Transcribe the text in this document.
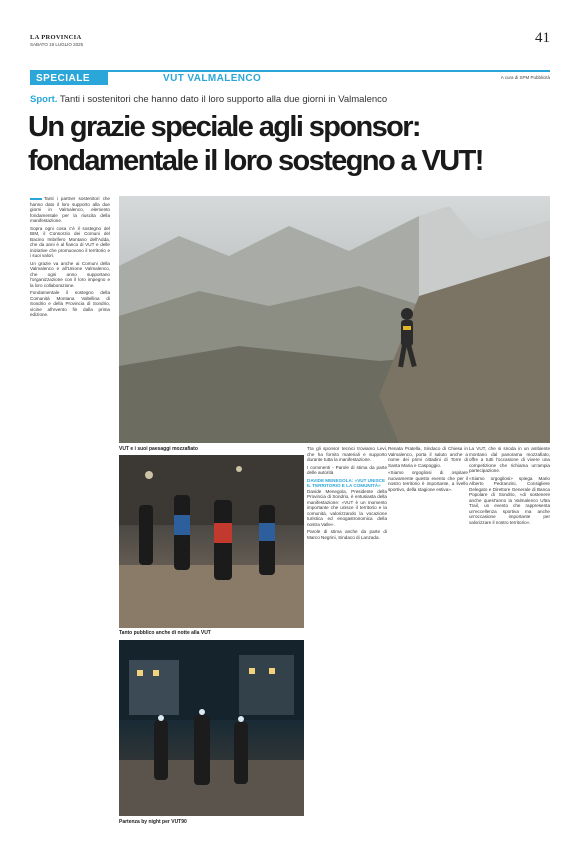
LA PROVINCIA
SABATO 19 LUGLIO 2025	41
SPECIALE	VUT VALMALENCO	A cura di SPM Pubblicità
Sport. Tanti i sostenitori che hanno dato il loro supporto alla due giorni in Valmalenco
Un grazie speciale agli sponsor:
fondamentale il loro sostegno a VUT!

Tanti i partner sostenitori che hanno dato il loro supporto alla due giorni in Valmalenco, elemento fondamentale per la riuscita della manifestazione.

Sopra ogni cosa c'è il sostegno del BIM, il Consorzio dei Comuni del Bacino Imbrifero Montano dell'Adda, che da anni è al fianco di VUT e delle iniziative che promuovono il territorio e i suoi valori.

Un grazie va anche ai Comuni della Valmalenco e all'Unione Valmalenco, che ogni anno supportano l'organizzazione con il loro impegno e la loro collaborazione.

Fondamentale il sostegno della Comunità Montana Valtellina di Sondrio e della Provincia di Sondrio, vicine all'evento fin dalla prima edizione.

VUT e i suoi paesaggi mozzafiato
Tanto pubblico anche di notte alla VUT
Partenza by night per VUT90

Tra gli sponsor tecnici troviamo Levi, che ha fornito materiali e supporto durante tutta la manifestazione.

I commenti - Parole di stima da parte delle autorità

DAVIDE MENEGOLA: «VUT UNISCE IL TERRITORIO E LA COMUNITÀ»

Davide Menegola, Presidente della Provincia di Sondrio, è entusiasta della manifestazione: «VUT è un momento importante che unisce il territorio e la comunità, valorizzando la vocazione turistica ed enogastronomica della nostra Valle».

Parole di stima anche da parte di Marco Negrini, Sindaco di Lanzada.

Renata Pratella, Sindaco di Chiesa in Valmalenco, porta il saluto anche a nome dei primi cittadini di Torre di Santa Maria e Caspoggio.

«Siamo orgogliosi di ospitare nuovamente questo evento che per il nostro territorio è importante, a livello sportivo, della stagione estiva».

La VUT, che si snoda in un ambiente montano dal panorama mozzafiato, offre a tutti l'occasione di vivere una competizione che richiama un'ampia partecipazione.

«Siamo orgogliosi» spiega Mario Alberto Pedranzini, Consigliere Delegato e Direttore Generale di Banca Popolare di Sondrio, «di sostenere anche quest'anno la Valmalenco Ultra Trail, un evento che rappresenta un'eccellenza sportiva ma anche un'occasione importante per valorizzare il nostro territorio».
